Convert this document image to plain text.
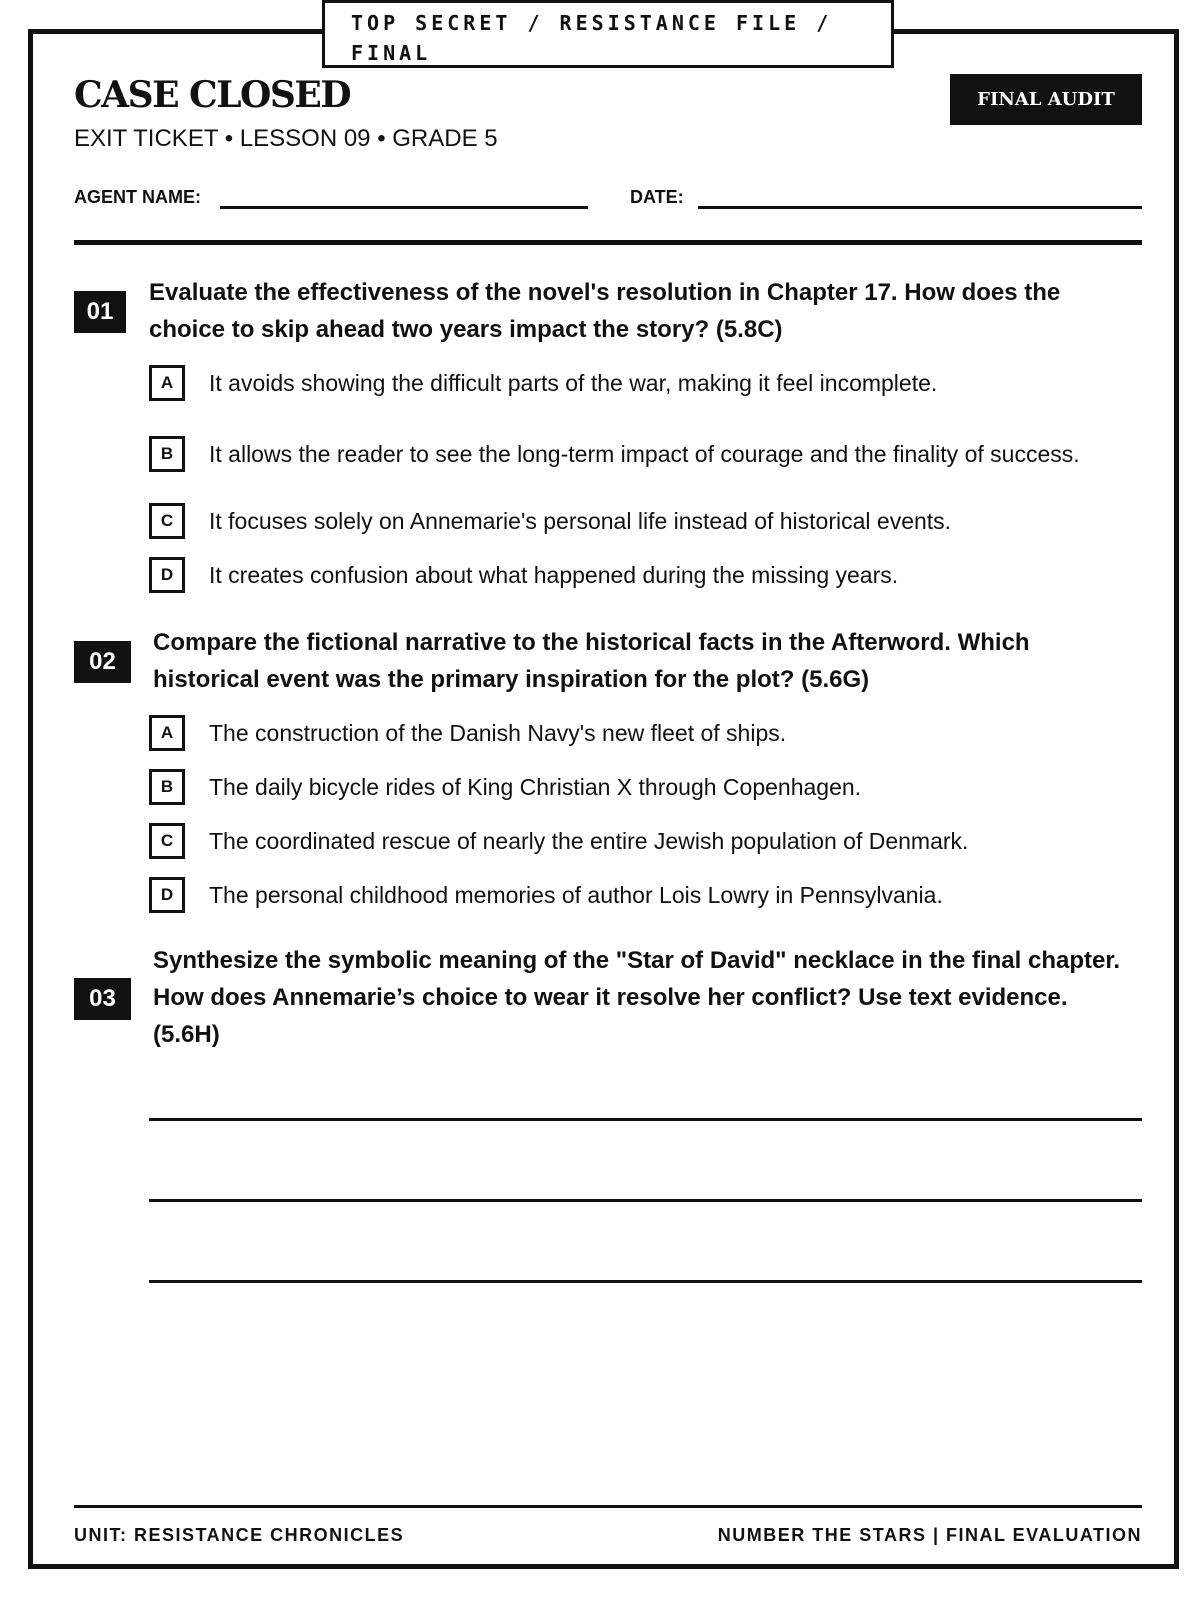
TOP SECRET / RESISTANCE FILE / FINAL
CASE CLOSED
EXIT TICKET • LESSON 09 • GRADE 5
FINAL AUDIT
AGENT NAME:	DATE:
01

Evaluate the effectiveness of the novel's resolution in Chapter 17. How does the choice to skip ahead two years impact the story? (5.8C)

A	It avoids showing the difficult parts of the war, making it feel incomplete.
B	It allows the reader to see the long-term impact of courage and the finality of success.
C	It focuses solely on Annemarie's personal life instead of historical events.
D	It creates confusion about what happened during the missing years.
02

Compare the fictional narrative to the historical facts in the Afterword. Which historical event was the primary inspiration for the plot? (5.6G)

A	The construction of the Danish Navy's new fleet of ships.
B	The daily bicycle rides of King Christian X through Copenhagen.
C	The coordinated rescue of nearly the entire Jewish population of Denmark.
D	The personal childhood memories of author Lois Lowry in Pennsylvania.
03

Synthesize the symbolic meaning of the "Star of David" necklace in the final chapter. How does Annemarie’s choice to wear it resolve her conflict? Use text evidence. (5.6H)

UNIT: RESISTANCE CHRONICLES	NUMBER THE STARS | FINAL EVALUATION
